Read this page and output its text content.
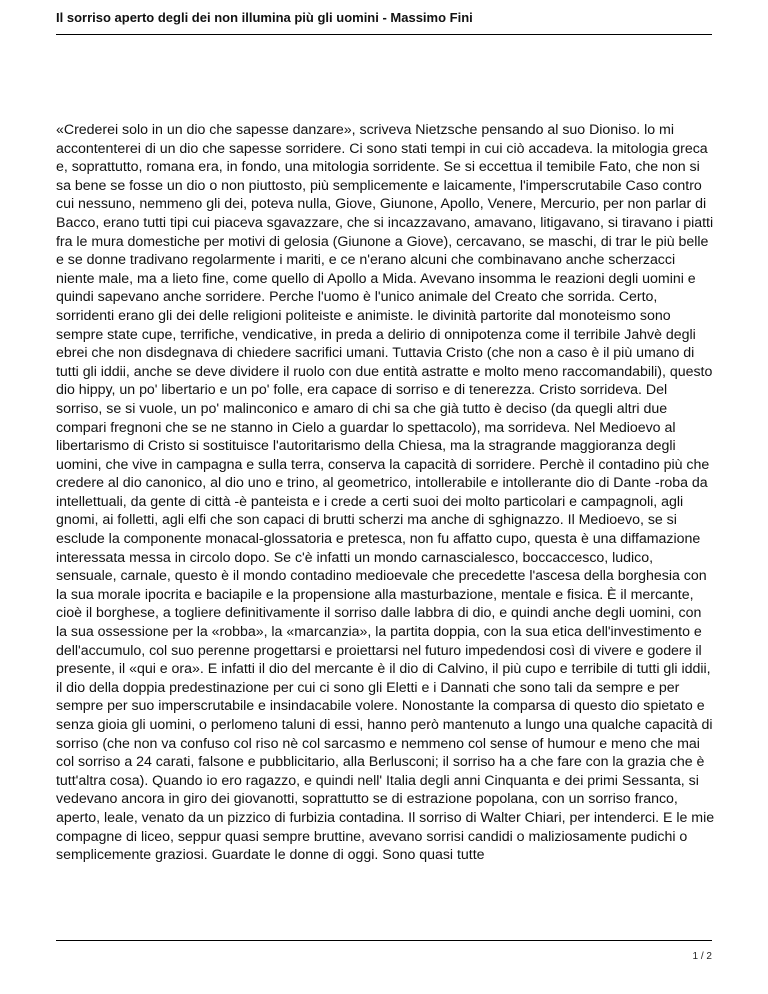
Il sorriso aperto degli dei non illumina più gli uomini - Massimo Fini

«Crederei solo in un dio che sapesse danzare», scriveva Nietzsche pensando al suo Dioniso. lo mi accontenterei di un dio che sapesse sorridere. Ci sono stati tempi in cui ciò accadeva. la mitologia greca e, soprattutto, romana era, in fondo, una mitologia sorridente. Se si eccettua il temibile Fato, che non si sa bene se fosse un dio o non piuttosto, più semplicemente e laicamente, l'imperscrutabile Caso contro cui nessuno, nemmeno gli dei, poteva nulla, Giove, Giunone, Apollo, Venere, Mercurio, per non parlar di Bacco, erano tutti tipi cui piaceva sgavazzare, che si incazzavano, amavano, litigavano, si tiravano i piatti fra le mura domestiche per motivi di gelosia (Giunone a Giove), cercavano, se maschi, di trar le più belle e se donne tradivano regolarmente i mariti, e ce n'erano alcuni che combinavano anche scherzacci niente male, ma a lieto fine, come quello di Apollo a Mida. Avevano insomma le reazioni degli uomini e quindi sapevano anche sorridere. Perche l'uomo è l'unico animale del Creato che sorrida. Certo, sorridenti erano gli dei delle religioni politeiste e animiste. le divinità partorite dal monoteismo sono sempre state cupe, terrifiche, vendicative, in preda a delirio di onnipotenza come il terribile Jahvè degli ebrei che non disdegnava di chiedere sacrifici umani. Tuttavia Cristo (che non a caso è il più umano di tutti gli iddii, anche se deve dividere il ruolo con due entità astratte e molto meno raccomandabili), questo dio hippy, un po' libertario e un po' folle, era capace di sorriso e di tenerezza. Cristo sorrideva. Del sorriso, se si vuole, un po' malinconico e amaro di chi sa che già tutto è deciso (da quegli altri due compari fregnoni che se ne stanno in Cielo a guardar lo spettacolo), ma sorrideva. Nel Medioevo al libertarismo di Cristo si sostituisce l'autoritarismo della Chiesa, ma la stragrande maggioranza degli uomini, che vive in campagna e sulla terra, conserva la capacità di sorridere. Perchè il contadino più che credere al dio canonico, al dio uno e trino, al geometrico, intollerabile e intollerante dio di Dante -roba da intellettuali, da gente di città -è panteista e i crede a certi suoi dei molto particolari e campagnoli, agli gnomi, ai folletti, agli elfi che son capaci di brutti scherzi ma anche di sghignazzo. Il Medioevo, se si esclude la componente monacal-glossatoria e pretesca, non fu affatto cupo, questa è una diffamazione interessata messa in circolo dopo. Se c'è infatti un mondo carnascialesco, boccaccesco, ludico, sensuale, carnale, questo è il mondo contadino medioevale che precedette l'ascesa della borghesia con la sua morale ipocrita e baciapile e la propensione alla masturbazione, mentale e fisica. È il mercante, cioè il borghese, a togliere definitivamente il sorriso dalle labbra di dio, e quindi anche degli uomini, con la sua ossessione per la «robba», la «marcanzia», la partita doppia, con la sua etica dell'investimento e dell'accumulo, col suo perenne progettarsi e proiettarsi nel futuro impedendosi così di vivere e godere il presente, il «qui e ora». E infatti il dio del mercante è il dio di Calvino, il più cupo e terribile di tutti gli iddii, il dio della doppia predestinazione per cui ci sono gli Eletti e i Dannati che sono tali da sempre e per sempre per suo imperscrutabile e insindacabile volere. Nonostante la comparsa di questo dio spietato e senza gioia gli uomini, o perlomeno taluni di essi, hanno però mantenuto a lungo una qualche capacità di sorriso (che non va confuso col riso nè col sarcasmo e nemmeno col sense of humour e meno che mai col sorriso a 24 carati, falsone e pubblicitario, alla Berlusconi; il sorriso ha a che fare con la grazia che è tutt'altra cosa). Quando io ero ragazzo, e quindi nell' Italia degli anni Cinquanta e dei primi Sessanta, si vedevano ancora in giro dei giovanotti, soprattutto se di estrazione popolana, con un sorriso franco, aperto, leale, venato da un pizzico di furbizia contadina. Il sorriso di Walter Chiari, per intenderci. E le mie compagne di liceo, seppur quasi sempre bruttine, avevano sorrisi candidi o maliziosamente pudichi o semplicemente graziosi. Guardate le donne di oggi. Sono quasi tutte

1 / 2
